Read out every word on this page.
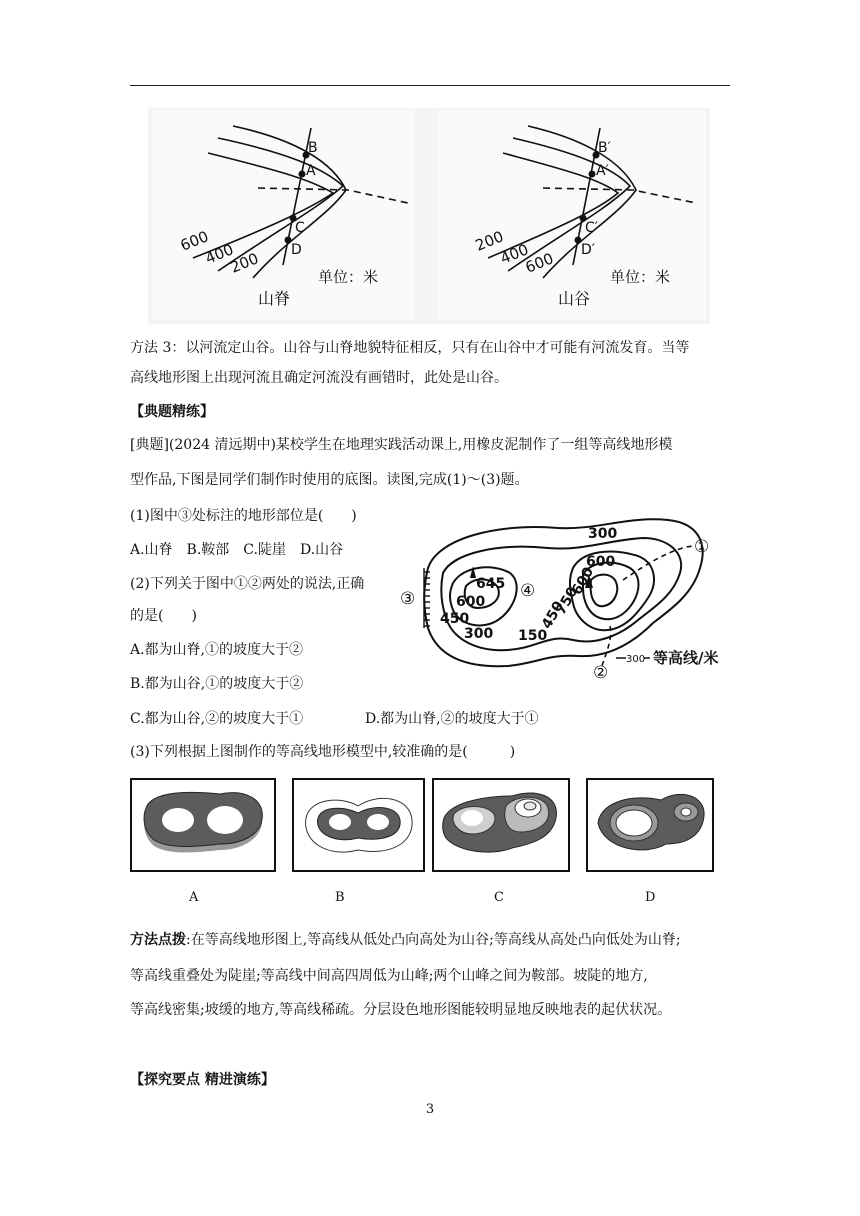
B
A
C
D
600
400
200
单位：米
山脊
B′
A′
C′
D′
200
400
600
单位：米
山谷
方法 3：以河流定山谷。山谷与山脊地貌特征相反，只有在山谷中才可能有河流发育。当等
高线地形图上出现河流且确定河流没有画错时，此处是山谷。
【典题精练】
[典题](2024 清远期中)某校学生在地理实践活动课上,用橡皮泥制作了一组等高线地形模
型作品,下图是同学们制作时使用的底图。读图,完成(1)～(3)题。
(1)图中③处标注的地形部位是(　　)
A.山脊　B.鞍部　C.陡崖　D.山谷
(2)下列关于图中①②两处的说法,正确
的是(　　)
A.都为山脊,①的坡度大于②
B.都为山谷,①的坡度大于②
C.都为山谷,②的坡度大于①	D.都为山脊,②的坡度大于①
(3)下列根据上图制作的等高线地形模型中,较准确的是(　　　)
300
600
645
600
450
300 150
450
750
600
①
②
③	④
300 等高线/米
A	B	C	D
方法点拨:在等高线地形图上,等高线从低处凸向高处为山谷;等高线从高处凸向低处为山脊;
等高线重叠处为陡崖;等高线中间高四周低为山峰;两个山峰之间为鞍部。坡陡的地方,
等高线密集;坡缓的地方,等高线稀疏。分层设色地形图能较明显地反映地表的起伏状况。
【探究要点 精进演练】
3
